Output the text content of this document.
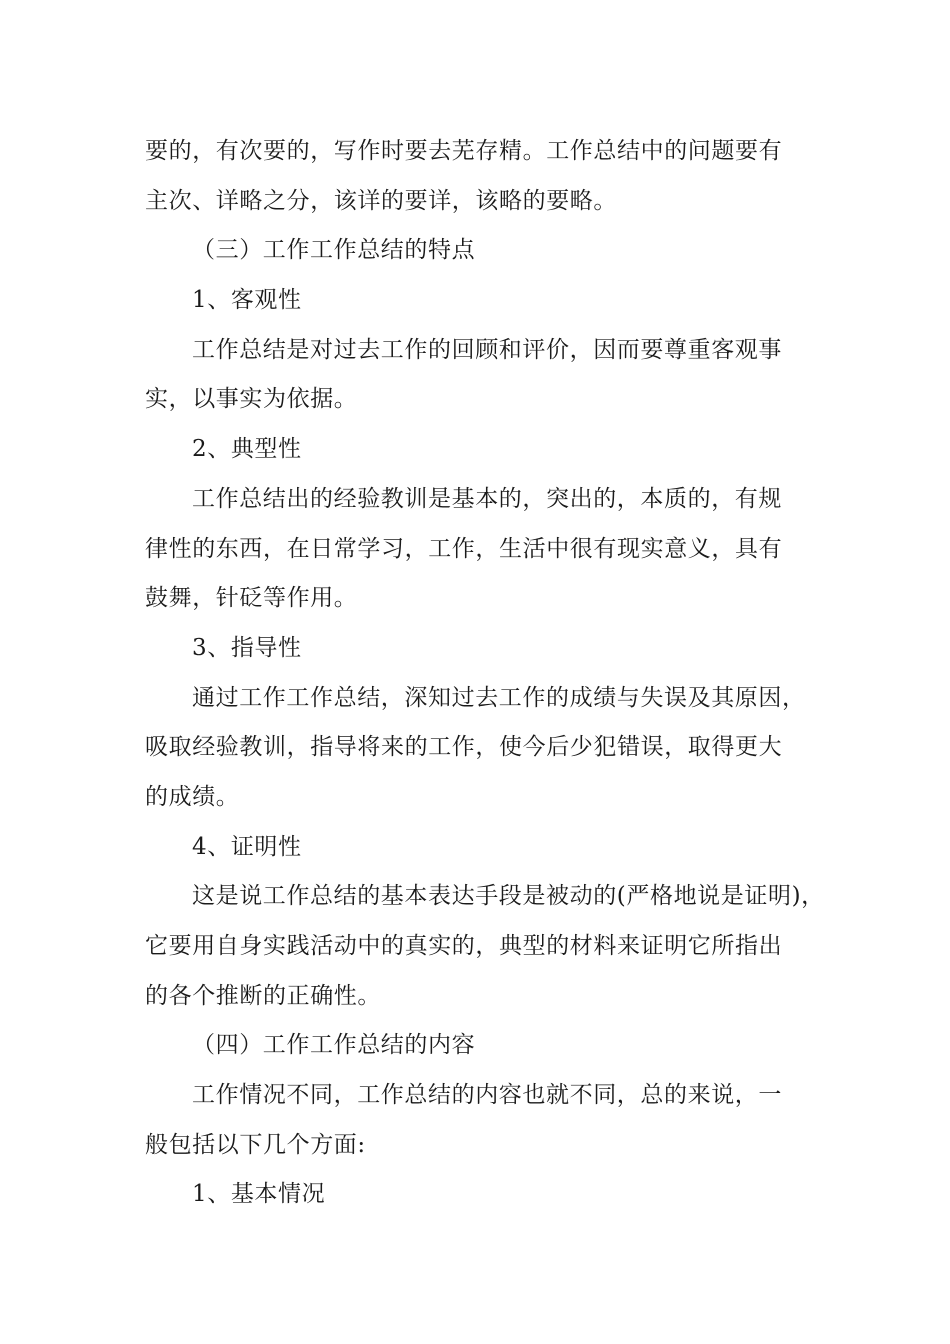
要的，有次要的，写作时要去芜存精。工作总结中的问题要有
主次、详略之分，该详的要详，该略的要略。
（三）工作工作总结的特点
1、客观性
工作总结是对过去工作的回顾和评价，因而要尊重客观事
实，以事实为依据。
2、典型性
工作总结出的经验教训是基本的，突出的，本质的，有规
律性的东西，在日常学习，工作，生活中很有现实意义，具有
鼓舞，针砭等作用。
3、指导性
通过工作工作总结，深知过去工作的成绩与失误及其原因，
吸取经验教训，指导将来的工作，使今后少犯错误，取得更大
的成绩。
4、证明性
这是说工作总结的基本表达手段是被动的(严格地说是证明)，
它要用自身实践活动中的真实的，典型的材料来证明它所指出
的各个推断的正确性。
（四）工作工作总结的内容
工作情况不同，工作总结的内容也就不同，总的来说，一
般包括以下几个方面:
1、基本情况
